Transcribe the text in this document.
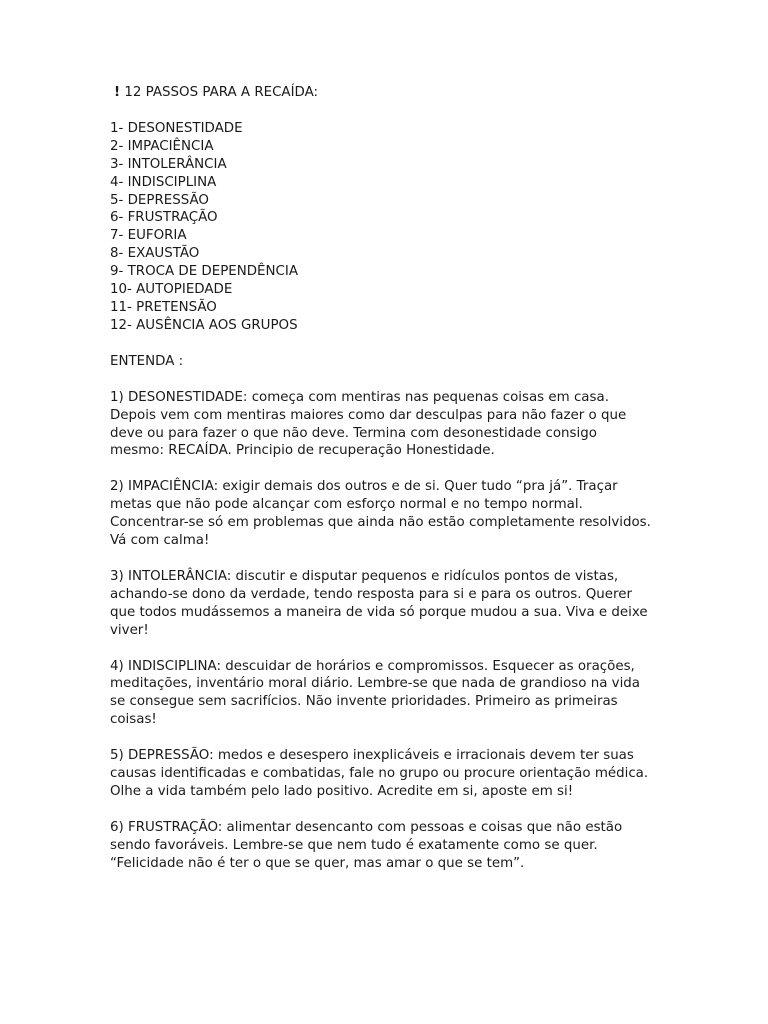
! 12 PASSOS PARA A RECAÍDA:
1- DESONESTIDADE
2- IMPACIÊNCIA
3- INTOLERÂNCIA
4- INDISCIPLINA
5- DEPRESSÃO
6- FRUSTRAÇÃO
7- EUFORIA
8- EXAUSTÃO
9- TROCA DE DEPENDÊNCIA
10- AUTOPIEDADE
11- PRETENSÃO
12- AUSÊNCIA AOS GRUPOS

ENTENDA :

1) DESONESTIDADE: começa com mentiras nas pequenas coisas em casa. Depois vem com mentiras maiores como dar desculpas para não fazer o que deve ou para fazer o que não deve. Termina com desonestidade consigo mesmo: RECAÍDA. Principio de recuperação Honestidade.

2) IMPACIÊNCIA: exigir demais dos outros e de si. Quer tudo “pra já”. Traçar metas que não pode alcançar com esforço normal e no tempo normal. Concentrar-se só em problemas que ainda não estão completamente resolvidos. Vá com calma!

3) INTOLERÂNCIA: discutir e disputar pequenos e ridículos pontos de vistas, achando-se dono da verdade, tendo resposta para si e para os outros. Querer que todos mudássemos a maneira de vida só porque mudou a sua. Viva e deixe viver!

4) INDISCIPLINA: descuidar de horários e compromissos. Esquecer as orações, meditações, inventário moral diário. Lembre-se que nada de grandioso na vida se consegue sem sacrifícios. Não invente prioridades. Primeiro as primeiras coisas!

5) DEPRESSÃO: medos e desespero inexplicáveis e irracionais devem ter suas causas identificadas e combatidas, fale no grupo ou procure orientação médica. Olhe a vida também pelo lado positivo. Acredite em si, aposte em si!

6) FRUSTRAÇÃO: alimentar desencanto com pessoas e coisas que não estão sendo favoráveis. Lembre-se que nem tudo é exatamente como se quer. “Felicidade não é ter o que se quer, mas amar o que se tem”.
